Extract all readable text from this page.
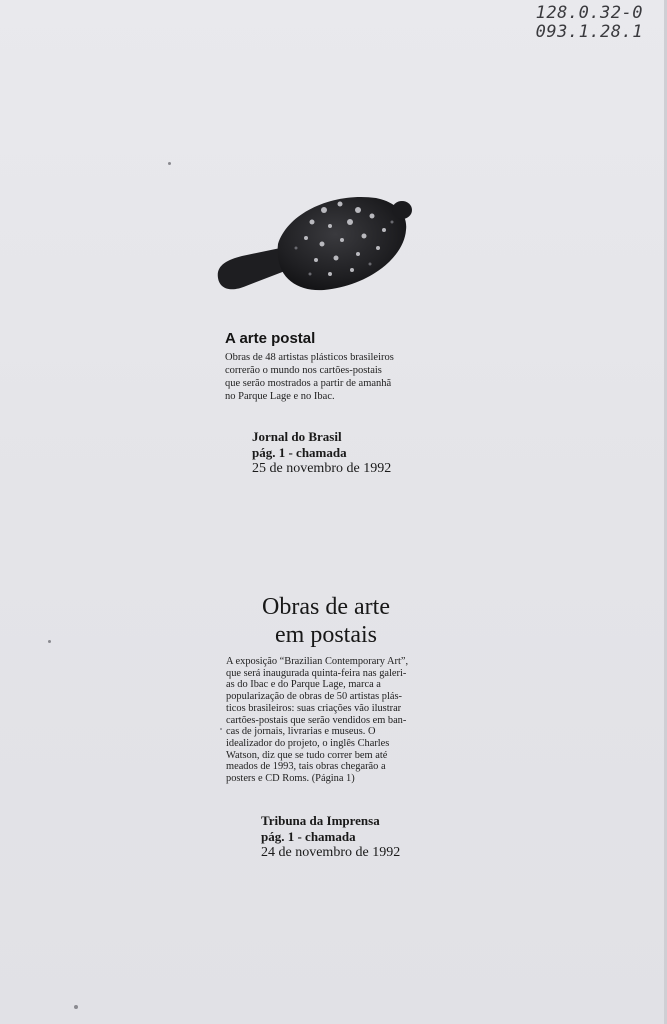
128.0.32-0
093.1.28.1
A arte postal
Obras de 48 artistas plásticos brasileiros
correrão o mundo nos cartões-postais
que serão mostrados a partir de amanhã
no Parque Lage e no Ibac.
Jornal do Brasil
pág. 1 - chamada
25 de novembro de 1992
Obras de arte
em postais
A exposição “Brazilian Contemporary Art”,
que será inaugurada quinta-feira nas galeri-
as do Ibac e do Parque Lage, marca a
popularização de obras de 50 artistas plás-
ticos brasileiros: suas criações vão ilustrar
cartões-postais que serão vendidos em ban-
cas de jornais, livrarias e museus. O
idealizador do projeto, o inglês Charles
Watson, diz que se tudo correr bem até
meados de 1993, tais obras chegarão a
posters e CD Roms. (Página 1)
Tribuna da Imprensa
pág. 1 - chamada
24 de novembro de 1992
